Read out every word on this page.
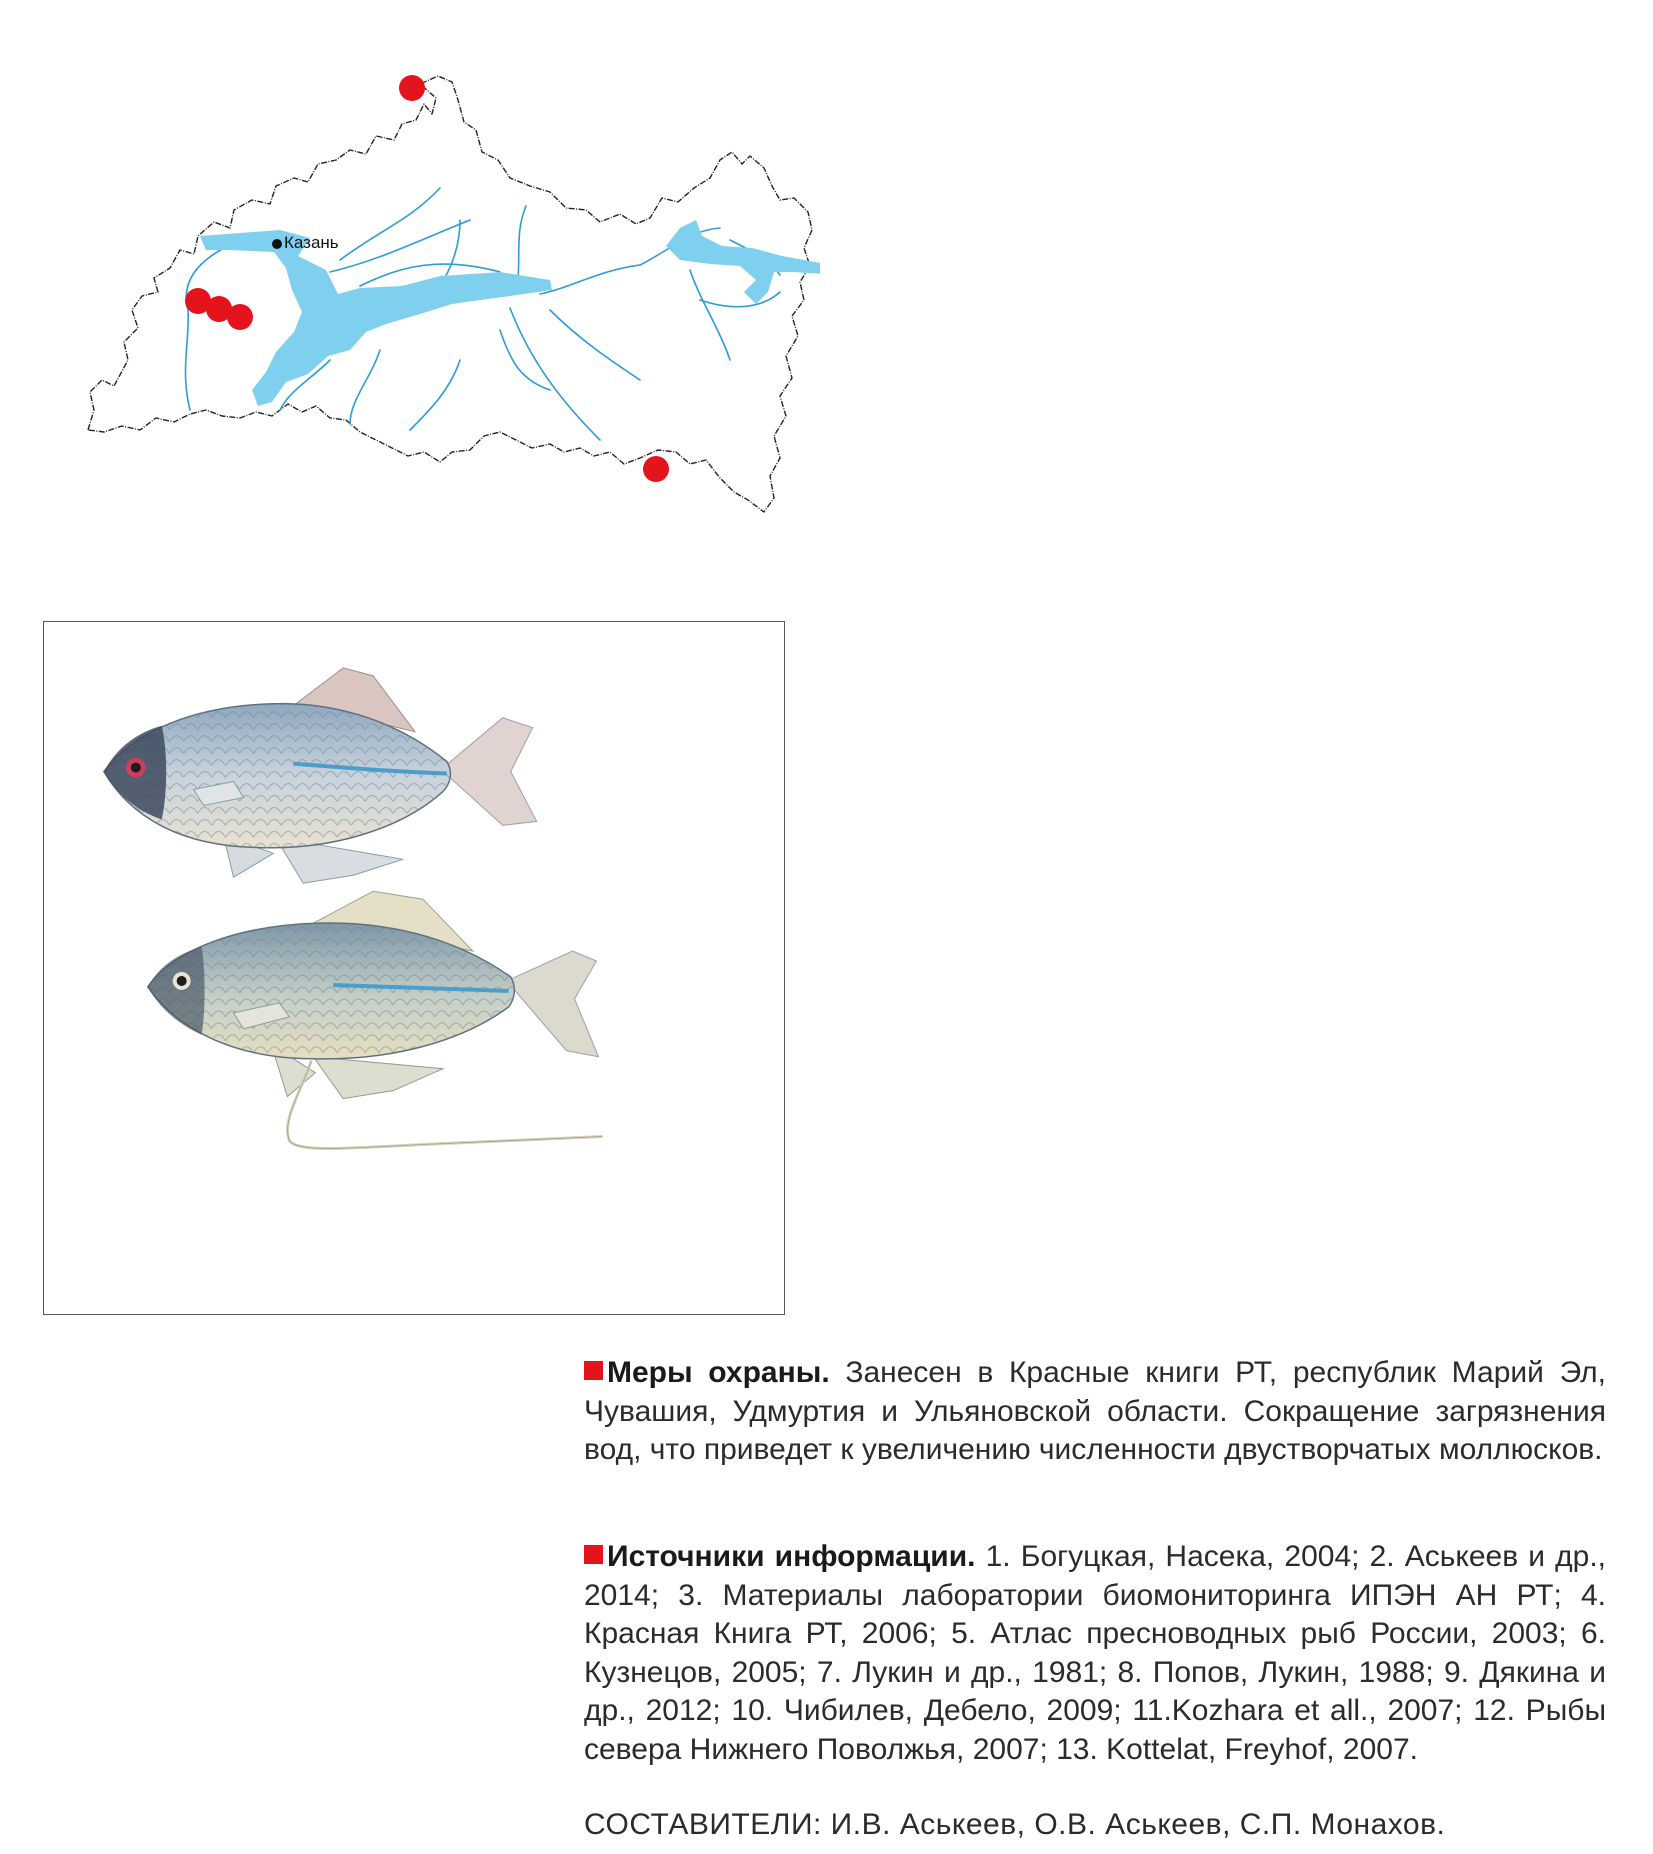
Казань

Меры охраны. Занесен в Красные книги РТ, республик Марий Эл, Чувашия, Удмуртия и Ульяновской области. Сокращение загрязнения вод, что приведет к увеличению численности двустворчатых моллюсков.

Источники информации. 1. Богуцкая, Насека, 2004; 2. Аськеев и др., 2014; 3. Материалы лаборатории биомониторинга ИПЭН АН РТ; 4. Красная Книга РТ, 2006; 5. Атлас пресноводных рыб России, 2003; 6. Кузнецов, 2005; 7. Лукин и др., 1981; 8. Попов, Лукин, 1988; 9. Дякина и др., 2012; 10. Чибилев, Дебело, 2009; 11.Kozhara et all., 2007; 12. Рыбы севера Нижнего Поволжья, 2007; 13. Kottelat, Freyhof, 2007.

СОСТАВИТЕЛИ: И.В. Аськеев, О.В. Аськеев, С.П. Монахов.
